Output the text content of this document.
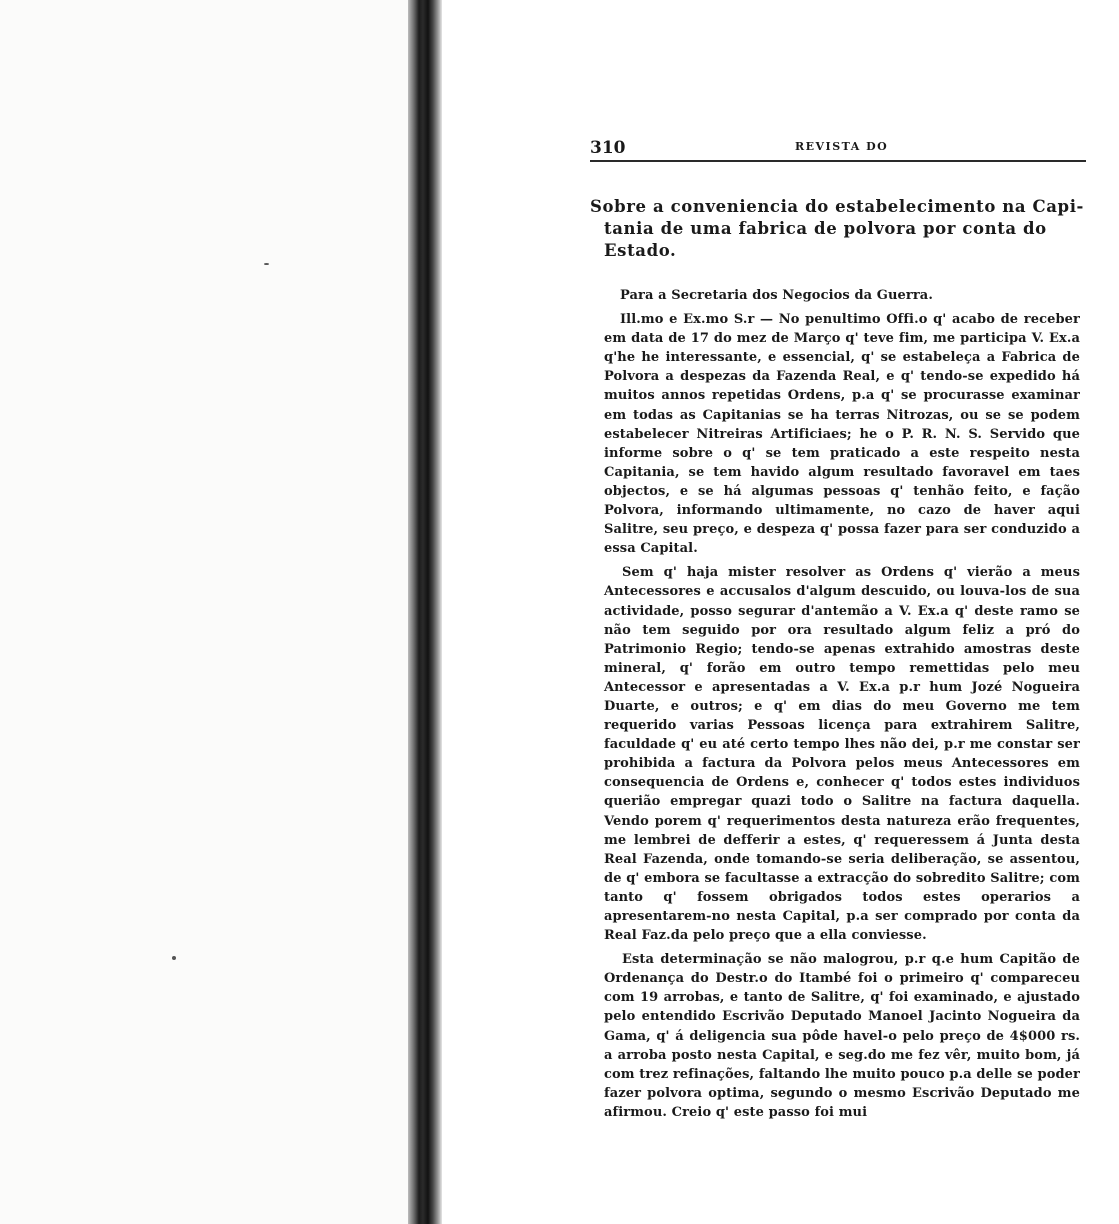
310	REVISTA DO
Sobre a conveniencia do estabelecimento na Capi-
tania de uma fabrica de polvora por conta do
Estado.

Para a Secretaria dos Negocios da Guerra.

Ill.mo e Ex.mo S.r — No penultimo Offi.o q' acabo de receber em data de 17 do mez de Março q' teve fim, me participa V. Ex.a q'he he interessante, e essencial, q' se estabeleça a Fabrica de Polvora a despezas da Fazenda Real, e q' tendo-se expedido há muitos annos repetidas Ordens, p.a q' se procurasse examinar em todas as Capitanias se ha terras Nitrozas, ou se se podem estabelecer Nitreiras Artificiaes; he o P. R. N. S. Servido que informe sobre o q' se tem praticado a este respeito nesta Capitania, se tem havido algum resultado favoravel em taes objectos, e se há algumas pessoas q' tenhão feito, e fação Polvora, informando ultimamente, no cazo de haver aqui Salitre, seu preço, e despeza q' possa fazer para ser conduzido a essa Capital.

Sem q' haja mister resolver as Ordens q' vierão a meus Antecessores e accusalos d'algum descuido, ou louva-los de sua actividade, posso segurar d'antemão a V. Ex.a q' deste ramo se não tem seguido por ora resultado algum feliz a pró do Patrimonio Regio; tendo-se apenas extrahido amostras deste mineral, q' forão em outro tempo remettidas pelo meu Antecessor e apresentadas a V. Ex.a p.r hum Jozé Nogueira Duarte, e outros; e q' em dias do meu Governo me tem requerido varias Pessoas licença para extrahirem Salitre, faculdade q' eu até certo tempo lhes não dei, p.r me constar ser prohibida a factura da Polvora pelos meus Antecessores em consequencia de Ordens e, conhecer q' todos estes individuos querião empregar quazi todo o Salitre na factura daquella. Vendo porem q' requerimentos desta natureza erão frequentes, me lembrei de defferir a estes, q' requeressem á Junta desta Real Fazenda, onde tomando-se seria deliberação, se assentou, de q' embora se facultasse a extracção do sobredito Salitre; com tanto q' fossem obrigados todos estes operarios a apresentarem-no nesta Capital, p.a ser comprado por conta da Real Faz.da pelo preço que a ella conviesse.

Esta determinação se não malogrou, p.r q.e hum Capitão de Ordenança do Destr.o do Itambé foi o primeiro q' compareceu com 19 arrobas, e tanto de Salitre, q' foi examinado, e ajustado pelo entendido Escrivão Deputado Manoel Jacinto Nogueira da Gama, q' á deligencia sua pôde havel-o pelo preço de 4$000 rs. a arroba posto nesta Capital, e seg.do me fez vêr, muito bom, já com trez refinações, faltando lhe muito pouco p.a delle se poder fazer polvora optima, segundo o mesmo Escrivão Deputado me afirmou. Creio q' este passo foi mui
